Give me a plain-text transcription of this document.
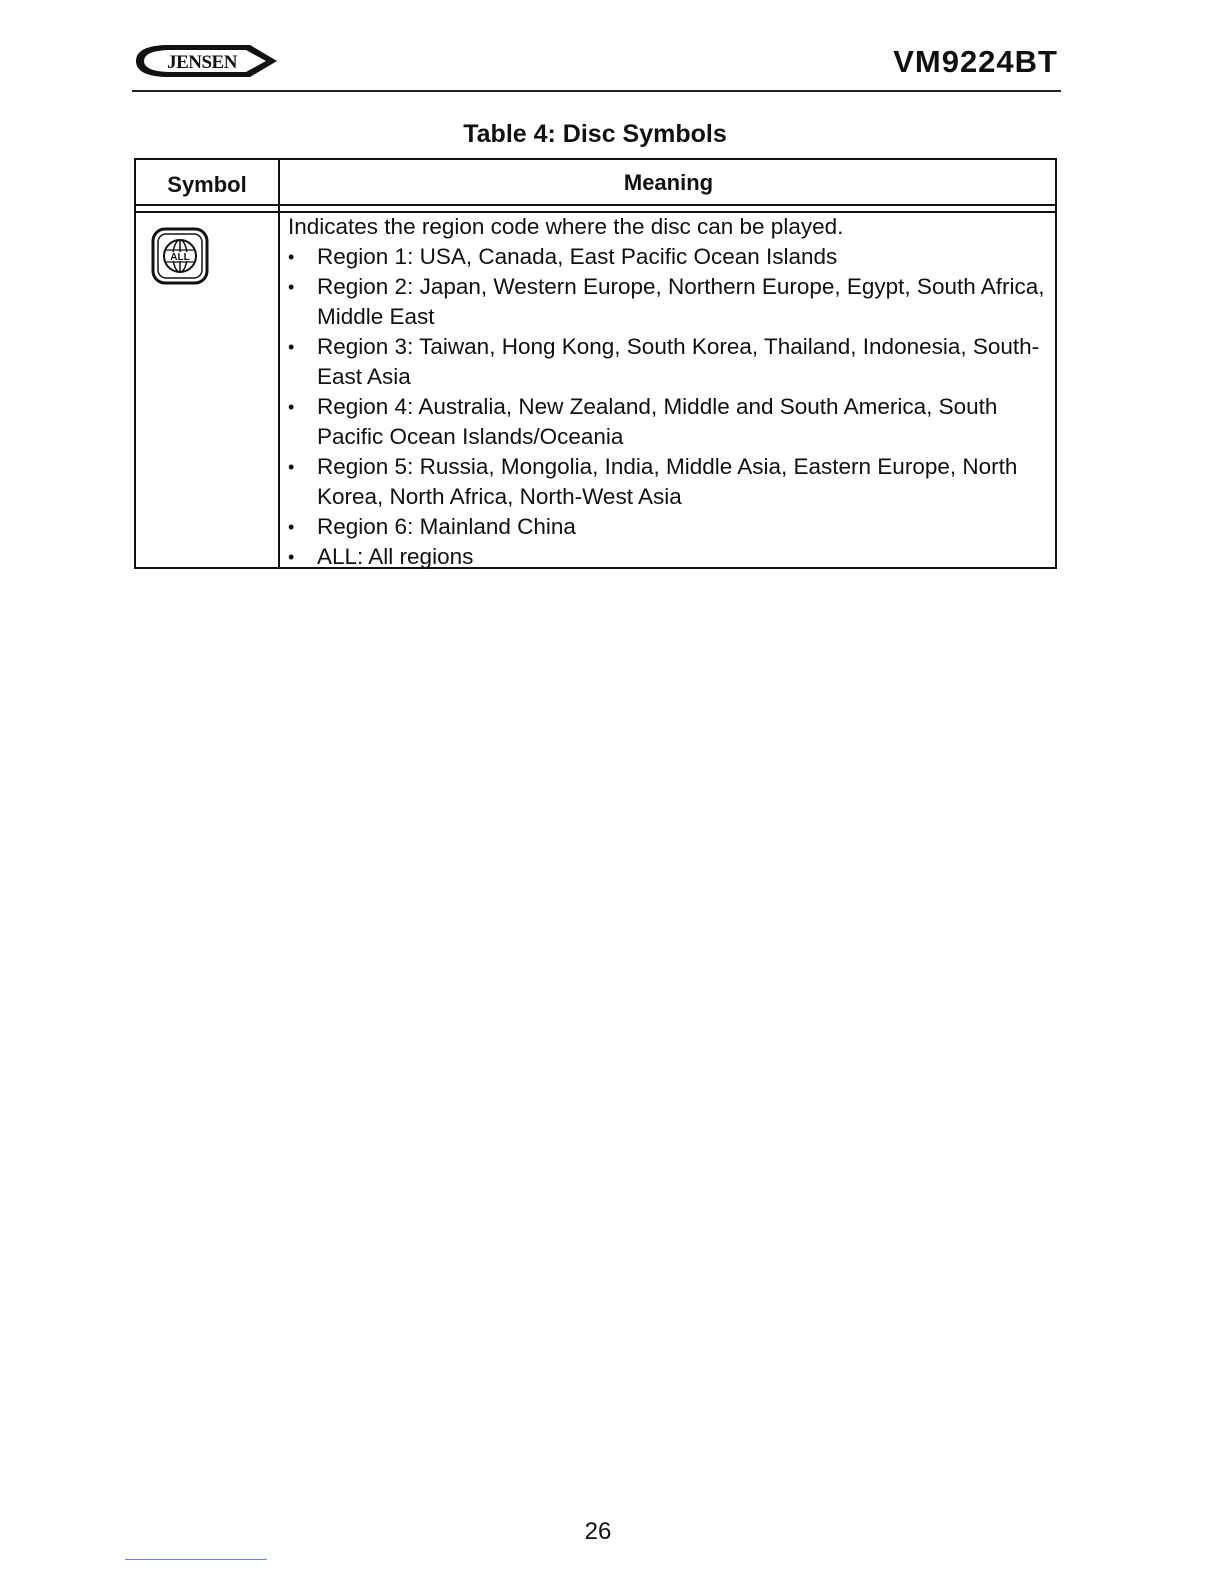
JENSEN	VM9224BT
Table 4: Disc Symbols
Symbol	Meaning
ALL
Indicates the region code where the disc can be played.
• Region 1: USA, Canada, East Pacific Ocean Islands
• Region 2: Japan, Western Europe, Northern Europe, Egypt, South Africa, Middle East
• Region 3: Taiwan, Hong Kong, South Korea, Thailand, Indonesia, South-East Asia
• Region 4: Australia, New Zealand, Middle and South America, South Pacific Ocean Islands/Oceania
• Region 5: Russia, Mongolia, India, Middle Asia, Eastern Europe, North Korea, North Africa, North-West Asia
• Region 6: Mainland China
• ALL: All regions
26
